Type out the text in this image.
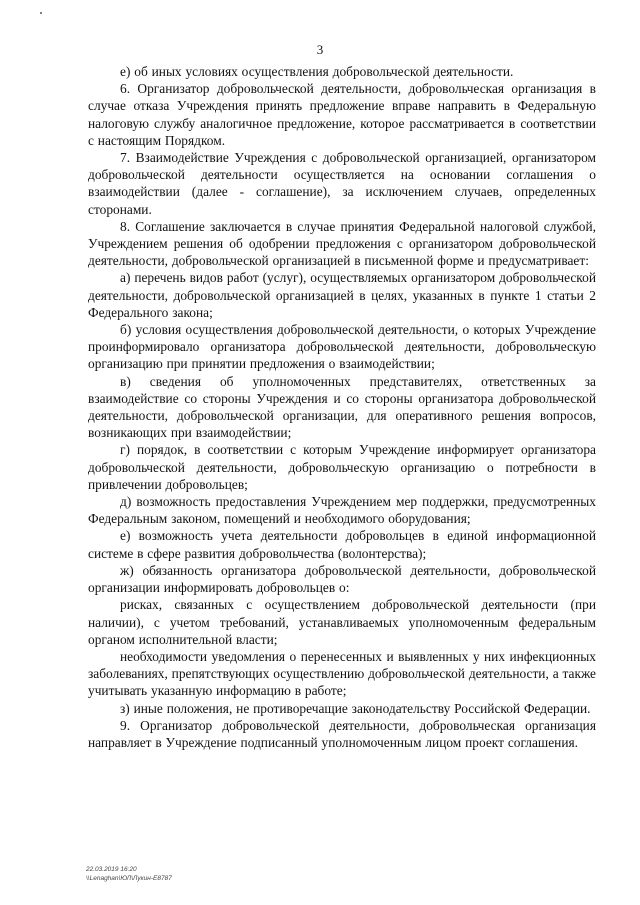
3

е) об иных условиях осуществления добровольческой деятельности.

6. Организатор добровольческой деятельности, добровольческая организация в случае отказа Учреждения принять предложение вправе направить в Федеральную налоговую службу аналогичное предложение, которое рассматривается в соответствии с настоящим Порядком.

7. Взаимодействие Учреждения с добровольческой организацией, организатором добровольческой деятельности осуществляется на основании соглашения о взаимодействии (далее - соглашение), за исключением случаев, определенных сторонами.

8. Соглашение заключается в случае принятия Федеральной налоговой службой, Учреждением решения об одобрении предложения с организатором добровольческой деятельности, добровольческой организацией в письменной форме и предусматривает:

а) перечень видов работ (услуг), осуществляемых организатором добровольческой деятельности, добровольческой организацией в целях, указанных в пункте 1 статьи 2 Федерального закона;

б) условия осуществления добровольческой деятельности, о которых Учреждение проинформировало организатора добровольческой деятельности, добровольческую организацию при принятии предложения о взаимодействии;

в) сведения об уполномоченных представителях, ответственных за взаимодействие со стороны Учреждения и со стороны организатора добровольческой деятельности, добровольческой организации, для оперативного решения вопросов, возникающих при взаимодействии;

г) порядок, в соответствии с которым Учреждение информирует организатора добровольческой деятельности, добровольческую организацию о потребности в привлечении добровольцев;

д) возможность предоставления Учреждением мер поддержки, предусмотренных Федеральным законом, помещений и необходимого оборудования;

е) возможность учета деятельности добровольцев в единой информационной системе в сфере развития добровольчества (волонтерства);

ж) обязанность организатора добровольческой деятельности, добровольческой организации информировать добровольцев о:

рисках, связанных с осуществлением добровольческой деятельности (при наличии), с учетом требований, устанавливаемых уполномоченным федеральным органом исполнительной власти;

необходимости уведомления о перенесенных и выявленных у них инфекционных заболеваниях, препятствующих осуществлению добровольческой деятельности, а также учитывать указанную информацию в работе;

з) иные положения, не противоречащие законодательству Российской Федерации.

9. Организатор добровольческой деятельности, добровольческая организация направляет в Учреждение подписанный уполномоченным лицом проект соглашения.

22.03.2019 16:20
\\Lenaghan\ЮЛ\Лукин-Е8787
